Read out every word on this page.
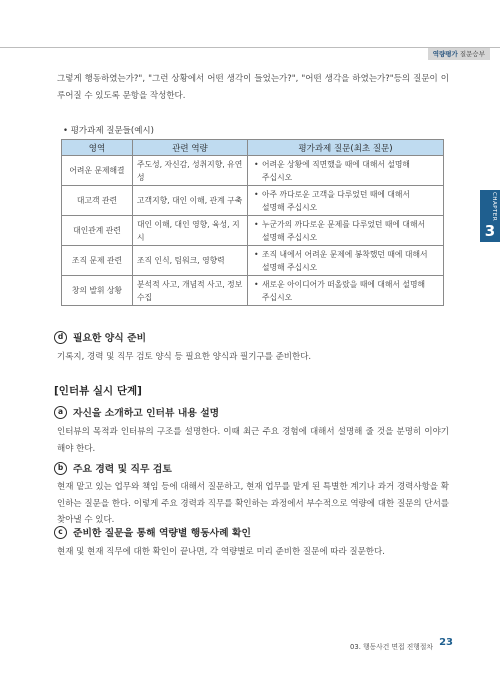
역량평가 질문승부

그렇게 행동하였는가?", "그런 상황에서 어떤 생각이 들었는가?", "어떤 생각을 하였는가?"등의 질문이 이루어질 수 있도록 문항을 작성한다.

• 평가과제 질문들(예시)
영역	관련 역량	평가과제 질문(최초 질문)
어려운 문제해결	주도성, 자신감, 성취지향, 유연성	• 어려운 상황에 직면했을 때에 대해서 설명해
주십시오

대고객 관련	고객지향, 대인 이해, 관계 구축	• 아주 까다로운 고객을 다루었던 때에 대해서
설명해 주십시오

대인관계 관련	대인 이해, 대인 영향, 육성, 지시	• 누군가의 까다로운 문제를 다루었던 때에 대해서
설명해 주십시오

조직 문제 관련	조직 인식, 팀워크, 영향력	• 조직 내에서 어려운 문제에 봉착했던 때에 대해서
설명해 주십시오

창의 발휘 상황	분석적 사고, 개념적 사고, 정보 수집	• 새로운 아이디어가 떠올랐을 때에 대해서 설명해
주십시오
CHAPTER
3
d	필요한 양식 준비

기록지, 경력 및 직무 검토 양식 등 필요한 양식과 필기구를 준비한다.

[인터뷰 실시 단계]
a	자신을 소개하고 인터뷰 내용 설명

인터뷰의 목적과 인터뷰의 구조를 설명한다. 이때 최근 주요 경험에 대해서 설명해 줄 것을 분명히 이야기해야 한다.

b	주요 경력 및 직무 검토

현재 맡고 있는 업무와 책임 등에 대해서 질문하고, 현재 업무를 맡게 된 특별한 계기나 과거 경력사항을 확인하는 질문을 한다. 이렇게 주요 경력과 직무를 확인하는 과정에서 부수적으로 역량에 대한 질문의 단서를 찾아낼 수 있다.

c	준비한 질문을 통해 역량별 행동사례 확인

현재 및 현재 직무에 대한 확인이 끝나면, 각 역량별로 미리 준비한 질문에 따라 질문한다.

03. 행동사건 면접 진행절차 23
